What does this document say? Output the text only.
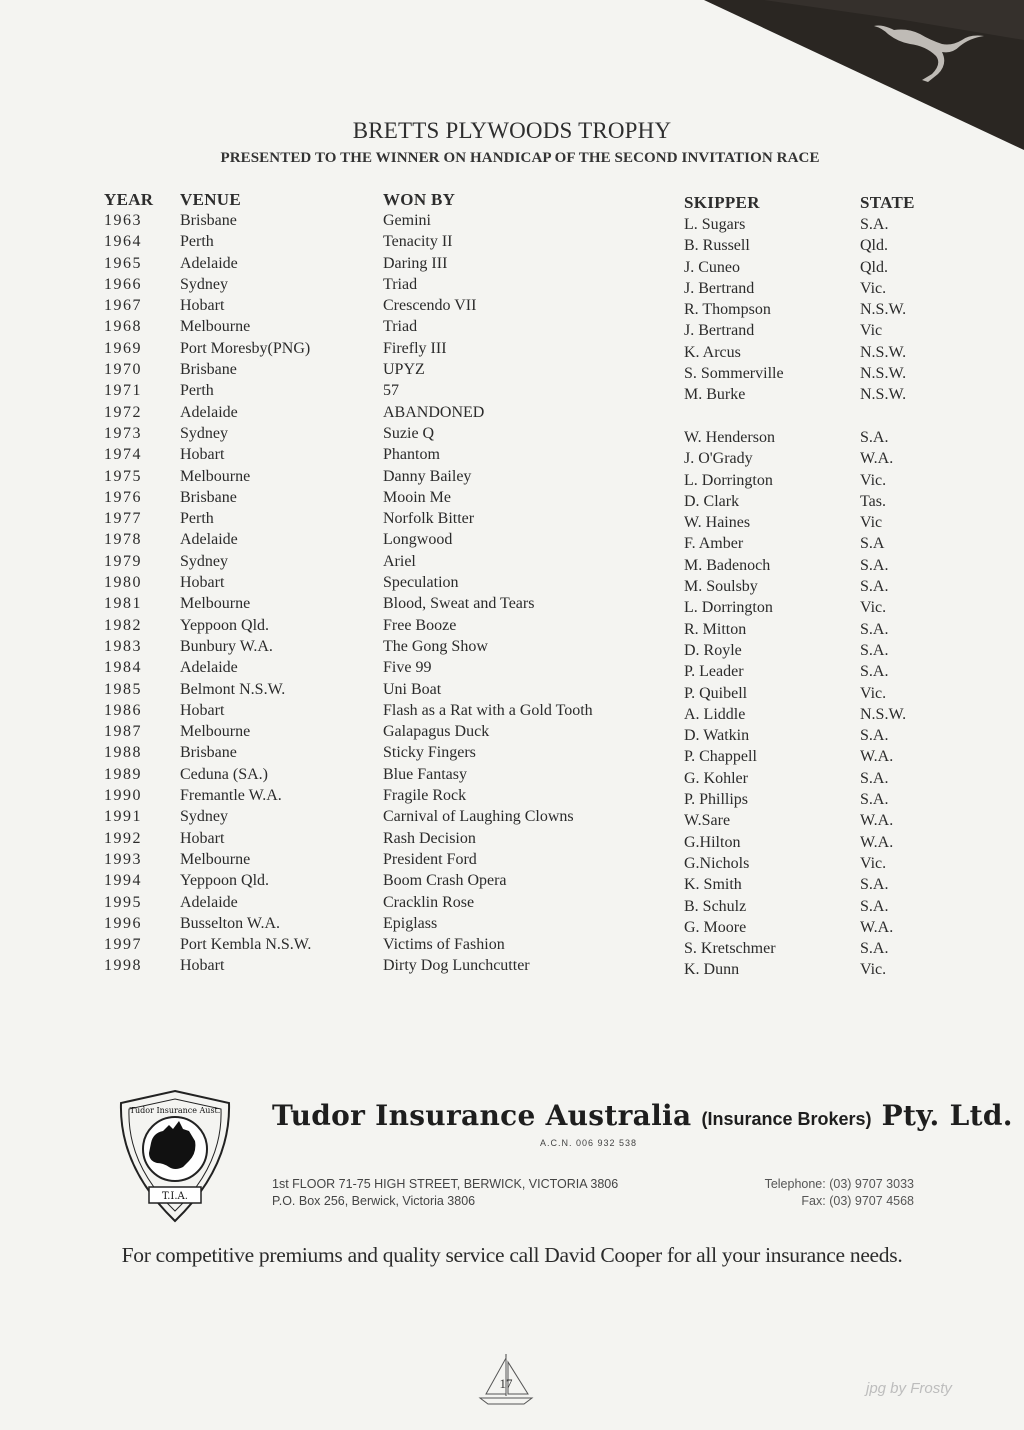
BRETTS PLYWOODS TROPHY
PRESENTED TO THE WINNER ON HANDICAP OF THE SECOND INVITATION RACE
YEAR VENUE	WON BY	SKIPPER	STATE
1963 Brisbane	Gemini	L. Sugars	S.A.
1964 Perth	Tenacity II	B. Russell	Qld.
1965 Adelaide	Daring III	J. Cuneo	Qld.
1966 Sydney	Triad	J. Bertrand	Vic.
1967 Hobart	Crescendo VII	R. Thompson	N.S.W.
1968 Melbourne	Triad	J. Bertrand	Vic
1969 Port Moresby(PNG)	Firefly III	K. Arcus	N.S.W.
1970 Brisbane	UPYZ	S. Sommerville	N.S.W.
1971 Perth	57	M. Burke	N.S.W.
1972 Adelaide	ABANDONED
1973 Sydney	Suzie Q	W. Henderson	S.A.
1974 Hobart	Phantom	J. O'Grady	W.A.
1975 Melbourne	Danny Bailey	L. Dorrington	Vic.
1976 Brisbane	Mooin Me	D. Clark	Tas.
1977 Perth	Norfolk Bitter	W. Haines	Vic
1978 Adelaide	Longwood	F. Amber	S.A
1979 Sydney	Ariel	M. Badenoch	S.A.
1980 Hobart	Speculation	M. Soulsby	S.A.
1981 Melbourne	Blood, Sweat and Tears	L. Dorrington	Vic.
1982 Yeppoon Qld.	Free Booze	R. Mitton	S.A.
1983 Bunbury W.A.	The Gong Show	D. Royle	S.A.
1984 Adelaide	Five 99	P. Leader	S.A.
1985 Belmont N.S.W.	Uni Boat	P. Quibell	Vic.
1986 Hobart	Flash as a Rat with a Gold Tooth	A. Liddle	N.S.W.
1987 Melbourne	Galapagus Duck	D. Watkin	S.A.
1988 Brisbane	Sticky Fingers	P. Chappell	W.A.
1989 Ceduna (SA.)	Blue Fantasy	G. Kohler	S.A.
1990 Fremantle W.A.	Fragile Rock	P. Phillips	S.A.
1991 Sydney	Carnival of Laughing Clowns	W.Sare	W.A.
1992 Hobart	Rash Decision	G.Hilton	W.A.
1993 Melbourne	President Ford	G.Nichols	Vic.
1994 Yeppoon Qld.	Boom Crash Opera	K. Smith	S.A.
1995 Adelaide	Cracklin Rose	B. Schulz	S.A.
1996 Busselton W.A.	Epiglass	G. Moore	W.A.
1997 Port Kembla N.S.W.	Victims of Fashion	S. Kretschmer	S.A.
1998 Hobart	Dirty Dog Lunchcutter	K. Dunn	Vic.
T.I.A.
Tudor Insurance Aust. Tudor Insurance Australia (Insurance Brokers) Pty. Ltd.
A.C.N. 006 932 538
1st FLOOR 71-75 HIGH STREET, BERWICK, VICTORIA 3806
P.O. Box 256, Berwick, Victoria 3806
Telephone: (03) 9707 3033
Fax: (03) 9707 4568
For competitive premiums and quality service call David Cooper for all your insurance needs.
17	jpg by Frosty
